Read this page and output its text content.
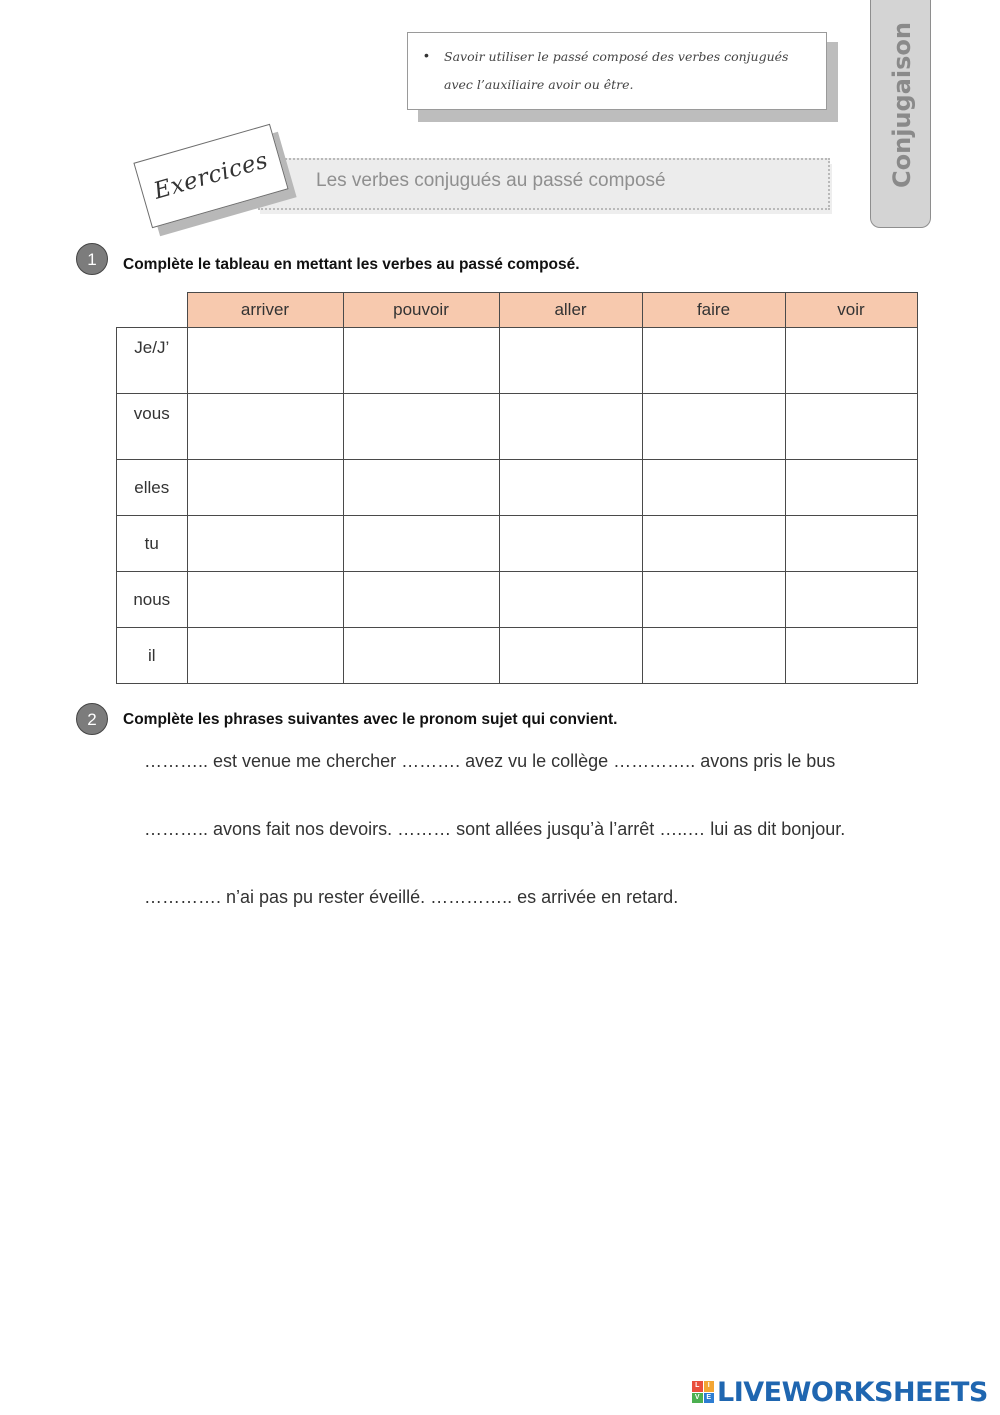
• Savoir utiliser le passé composé des verbes conjugués avec l’auxiliaire avoir ou être.	Conjugaison
Les verbes conjugués au passé composé
Exercices
1	Complète le tableau en mettant les verbes au passé composé.
	arriver	pouvoir	aller	faire	voir
Je/J’					
vous					
elles					
tu					
nous					
il					
2	Complète les phrases suivantes avec le pronom sujet qui convient.
……….. est venue me chercher ………. avez vu le collège ………….. avons pris le bus
……….. avons fait nos devoirs. ……… sont allées jusqu’à l’arrêt …..… lui as dit bonjour.
…………. n’ai pas pu rester éveillé. ………….. es arrivée en retard.
L	I
V E LIVEWORKSHEETS
